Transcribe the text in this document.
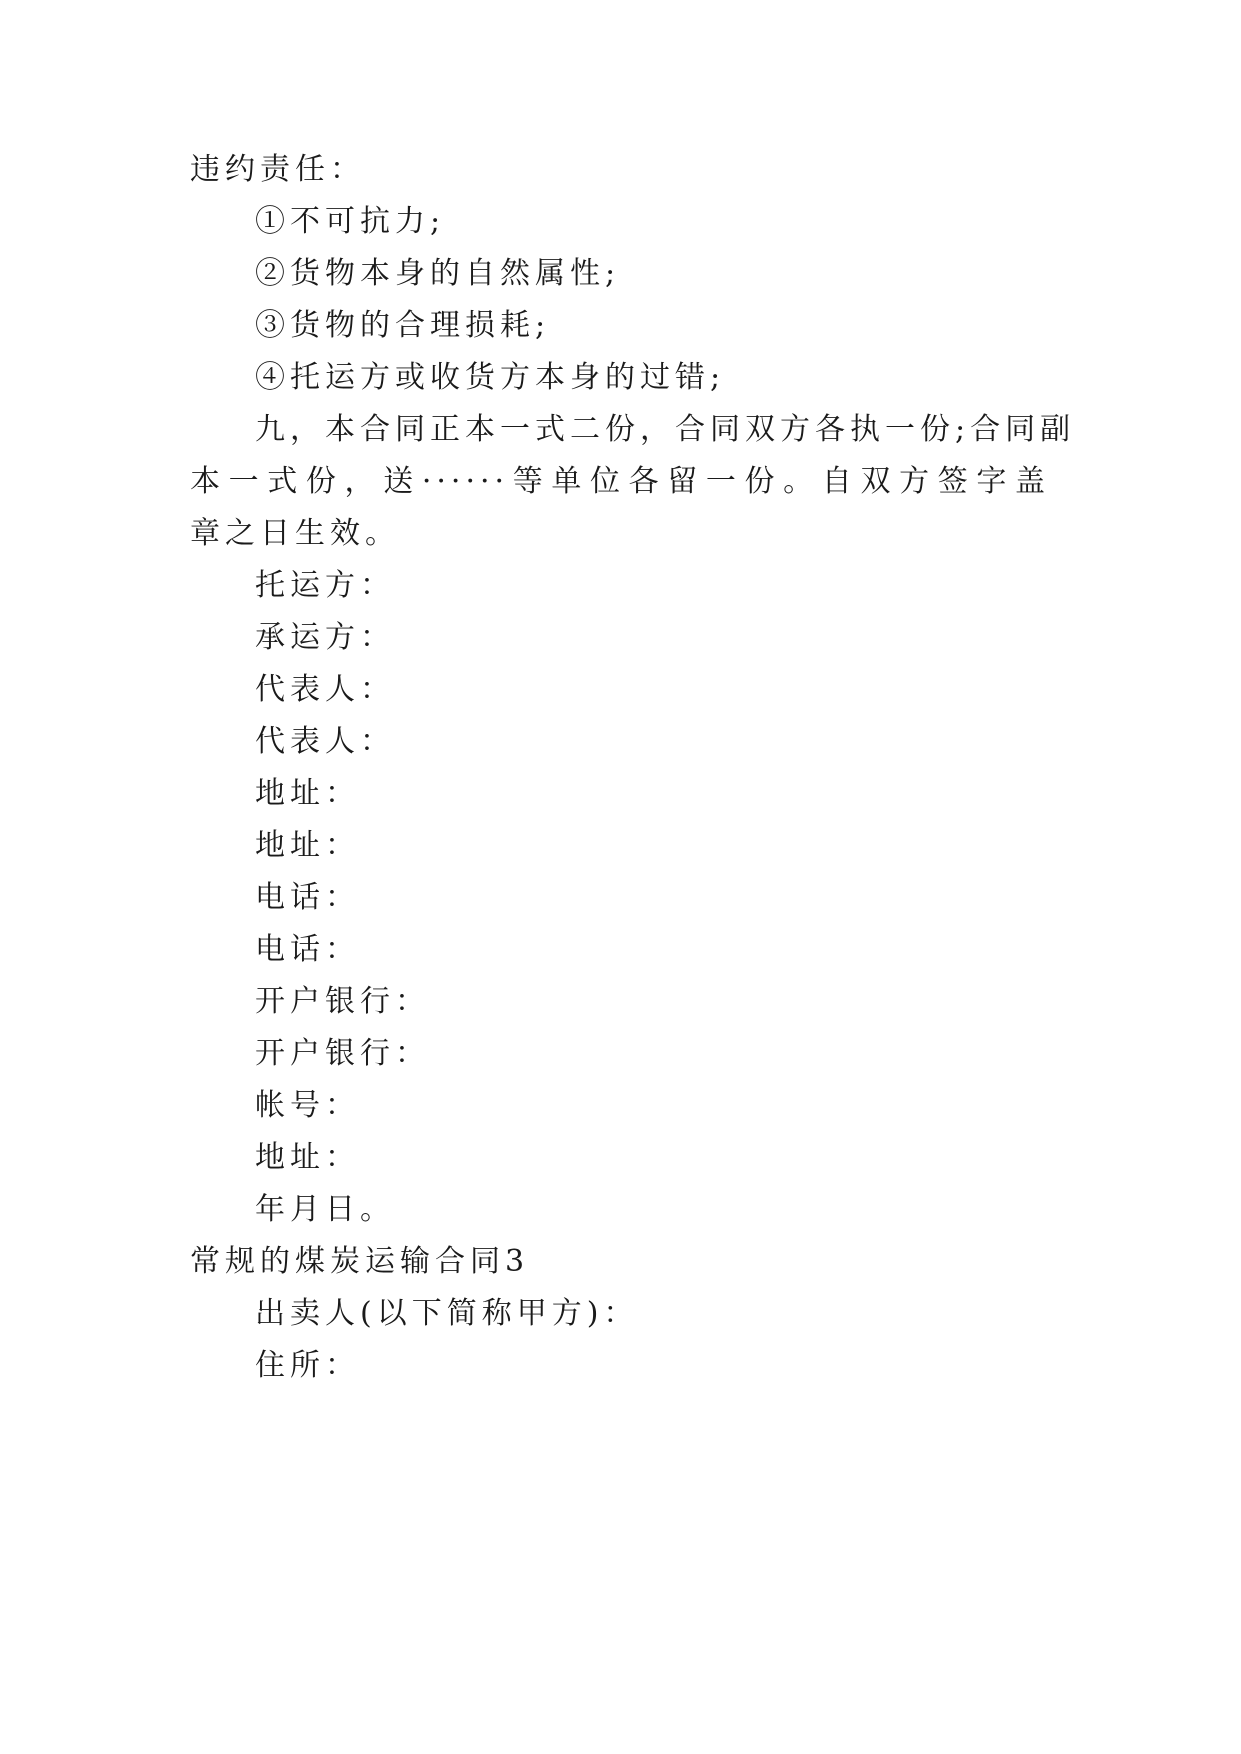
违约责任：
①不可抗力;
②货物本身的自然属性;
③货物的合理损耗;
④托运方或收货方本身的过错;
九，本合同正本一式二份，合同双方各执一份;合同副
本一式份，送······等单位各留一份。自双方签字盖
章之日生效。
托运方：
承运方：
代表人：
代表人：
地址：
地址：
电话：
电话：
开户银行：
开户银行：
帐号：
地址：
年月日。
常规的煤炭运输合同3
出卖人(以下简称甲方)：
住所：
